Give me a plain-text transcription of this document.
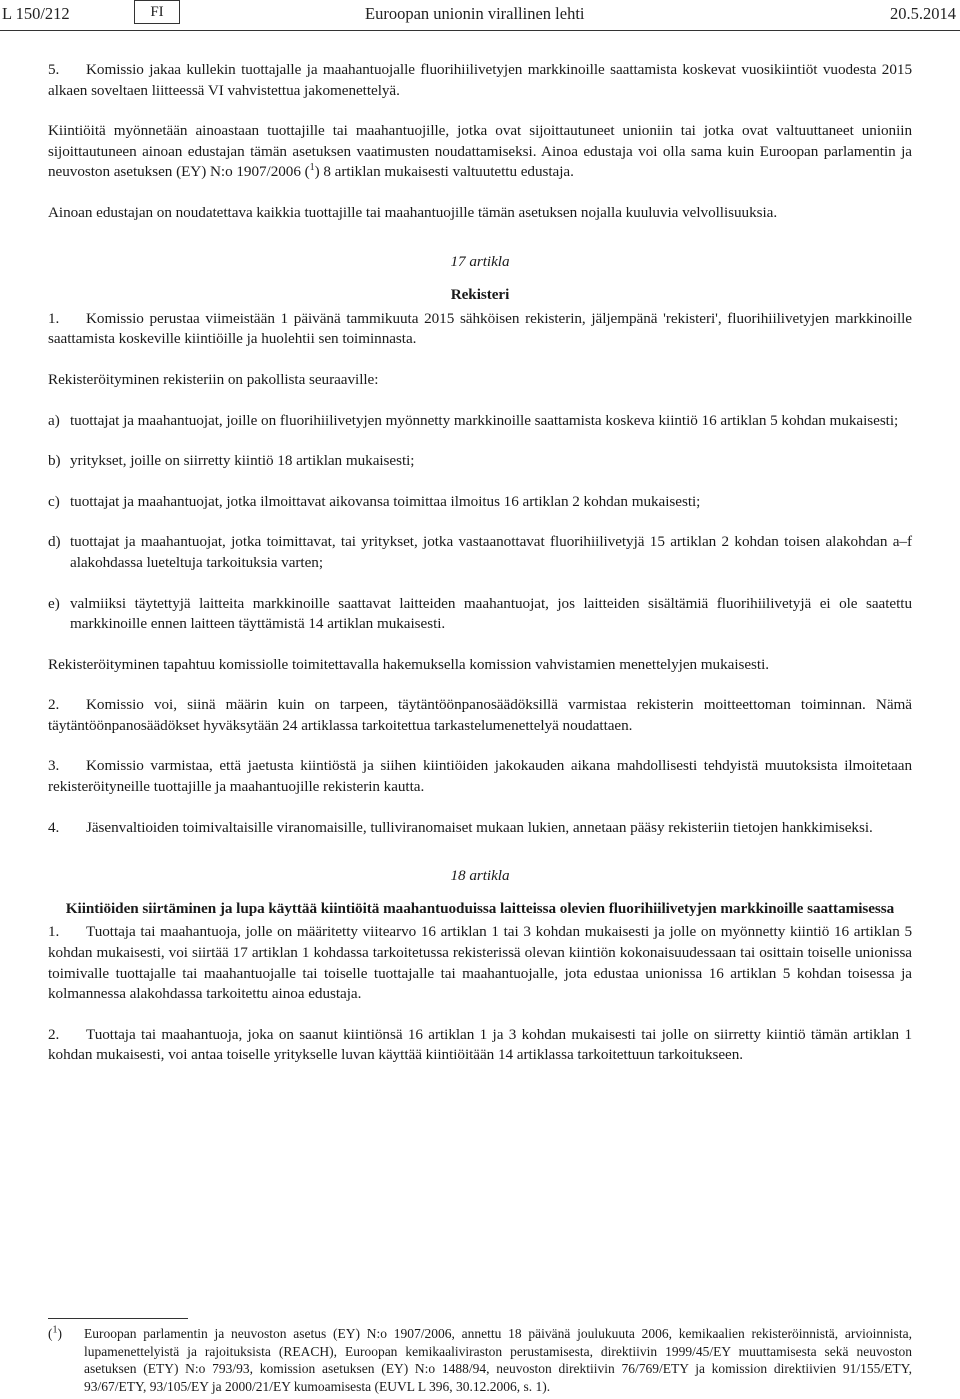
L 150/212	FI	Euroopan unionin virallinen lehti	20.5.2014

5. Komissio jakaa kullekin tuottajalle ja maahantuojalle fluorihiilivetyjen markkinoille saattamista koskevat vuosikiintiöt vuodesta 2015 alkaen soveltaen liitteessä VI vahvistettua jakomenettelyä.

Kiintiöitä myönnetään ainoastaan tuottajille tai maahantuojille, jotka ovat sijoittautuneet unioniin tai jotka ovat valtuuttaneet unioniin sijoittautuneen ainoan edustajan tämän asetuksen vaatimusten noudattamiseksi. Ainoa edustaja voi olla sama kuin Euroopan parlamentin ja neuvoston asetuksen (EY) N:o 1907/2006 ($^1$) 8 artiklan mukaisesti valtuutettu edustaja.

Ainoan edustajan on noudatettava kaikkia tuottajille tai maahantuojille tämän asetuksen nojalla kuuluvia velvollisuuksia.

17 artikla

Rekisteri

1. Komissio perustaa viimeistään 1 päivänä tammikuuta 2015 sähköisen rekisterin, jäljempänä 'rekisteri', fluorihiilivetyjen markkinoille saattamista koskeville kiintiöille ja huolehtii sen toiminnasta.

Rekisteröityminen rekisteriin on pakollista seuraaville:

a) tuottajat ja maahantuojat, joille on fluorihiilivetyjen myönnetty markkinoille saattamista koskeva kiintiö 16 artiklan 5 kohdan mukaisesti;
b) yritykset, joille on siirretty kiintiö 18 artiklan mukaisesti;
c) tuottajat ja maahantuojat, jotka ilmoittavat aikovansa toimittaa ilmoitus 16 artiklan 2 kohdan mukaisesti;
d) tuottajat ja maahantuojat, jotka toimittavat, tai yritykset, jotka vastaanottavat fluorihiilivetyjä 15 artiklan 2 kohdan toisen alakohdan a–f alakohdassa lueteltuja tarkoituksia varten;
e) valmiiksi täytettyjä laitteita markkinoille saattavat laitteiden maahantuojat, jos laitteiden sisältämiä fluorihiilivetyjä ei ole saatettu markkinoille ennen laitteen täyttämistä 14 artiklan mukaisesti.

Rekisteröityminen tapahtuu komissiolle toimitettavalla hakemuksella komission vahvistamien menettelyjen mukaisesti.

2. Komissio voi, siinä määrin kuin on tarpeen, täytäntöönpanosäädöksillä varmistaa rekisterin moitteettoman toiminnan. Nämä täytäntöönpanosäädökset hyväksytään 24 artiklassa tarkoitettua tarkastelumenettelyä noudattaen.

3. Komissio varmistaa, että jaetusta kiintiöstä ja siihen kiintiöiden jakokauden aikana mahdollisesti tehdyistä muutoksista ilmoitetaan rekisteröityneille tuottajille ja maahantuojille rekisterin kautta.

4. Jäsenvaltioiden toimivaltaisille viranomaisille, tulliviranomaiset mukaan lukien, annetaan pääsy rekisteriin tietojen hankkimiseksi.

18 artikla

Kiintiöiden siirtäminen ja lupa käyttää kiintiöitä maahantuoduissa laitteissa olevien fluorihiilivetyjen markkinoille saattamisessa

1. Tuottaja tai maahantuoja, jolle on määritetty viitearvo 16 artiklan 1 tai 3 kohdan mukaisesti ja jolle on myönnetty kiintiö 16 artiklan 5 kohdan mukaisesti, voi siirtää 17 artiklan 1 kohdassa tarkoitetussa rekisterissä olevan kiintiön kokonaisuudessaan tai osittain toiselle unionissa toimivalle tuottajalle tai maahantuojalle tai toiselle tuottajalle tai maahantuojalle, jota edustaa unionissa 16 artiklan 5 kohdan toisessa ja kolmannessa alakohdassa tarkoitettu ainoa edustaja.

2. Tuottaja tai maahantuoja, joka on saanut kiintiönsä 16 artiklan 1 ja 3 kohdan mukaisesti tai jolle on siirretty kiintiö tämän artiklan 1 kohdan mukaisesti, voi antaa toiselle yritykselle luvan käyttää kiintiöitään 14 artiklassa tarkoitettuun tarkoitukseen.

($^1$)	Euroopan parlamentin ja neuvoston asetus (EY) N:o 1907/2006, annettu 18 päivänä joulukuuta 2006, kemikaalien rekisteröinnistä, arvioinnista, lupamenettelyistä ja rajoituksista (REACH), Euroopan kemikaaliviraston perustamisesta, direktiivin 1999/45/EY muuttamisesta sekä neuvoston asetuksen (ETY) N:o 793/93, komission asetuksen (EY) N:o 1488/94, neuvoston direktiivin 76/769/ETY ja komission direktiivien 91/155/ETY, 93/67/ETY, 93/105/EY ja 2000/21/EY kumoamisesta (EUVL L 396, 30.12.2006, s. 1).
